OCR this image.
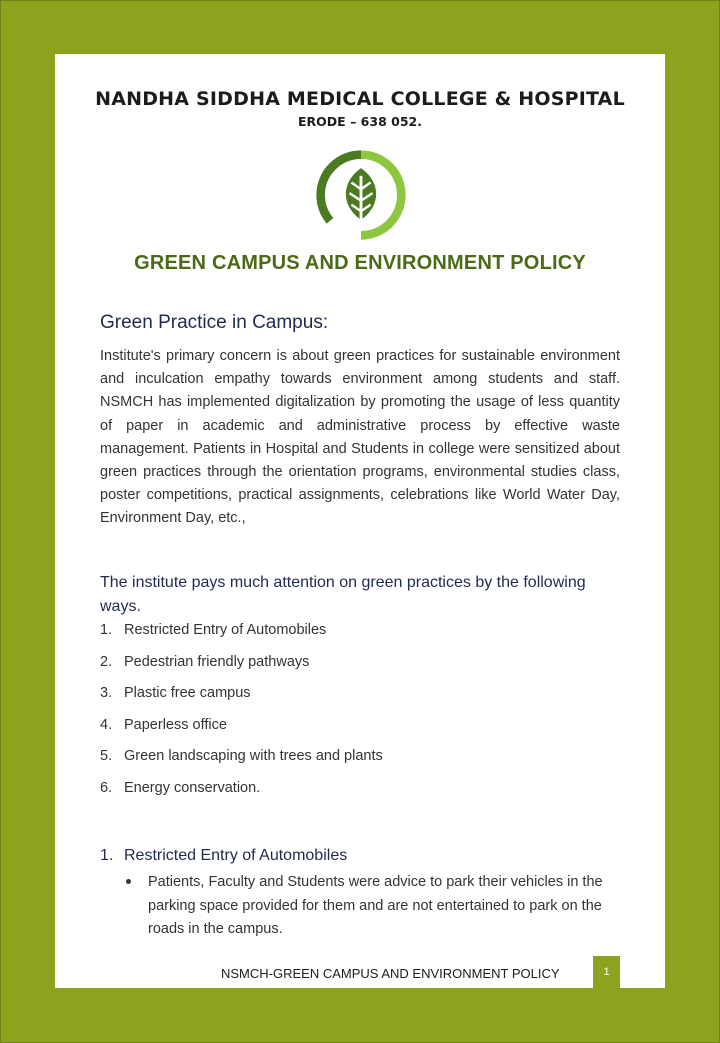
NANDHA SIDDHA MEDICAL COLLEGE & HOSPITAL
ERODE – 638 052.
GREEN CAMPUS AND ENVIRONMENT POLICY
Green Practice in Campus:
Institute's primary concern is about green practices for sustainable environment and inculcation empathy towards environment among students and staff. NSMCH has implemented digitalization by promoting the usage of less quantity of paper in academic and administrative process by effective waste management. Patients in Hospital and Students in college were sensitized about green practices through the orientation programs, environmental studies class, poster competitions, practical assignments, celebrations like World Water Day, Environment Day, etc.,
The institute pays much attention on green practices by the following ways.
1. Restricted Entry of Automobiles
2. Pedestrian friendly pathways
3. Plastic free campus
4. Paperless office
5. Green landscaping with trees and plants
6. Energy conservation.
1. Restricted Entry of Automobiles
Patients, Faculty and Students were advice to park their vehicles in the parking space provided for them and are not entertained to park on the roads in the campus.
NSMCH-GREEN CAMPUS AND ENVIRONMENT POLICY	1
